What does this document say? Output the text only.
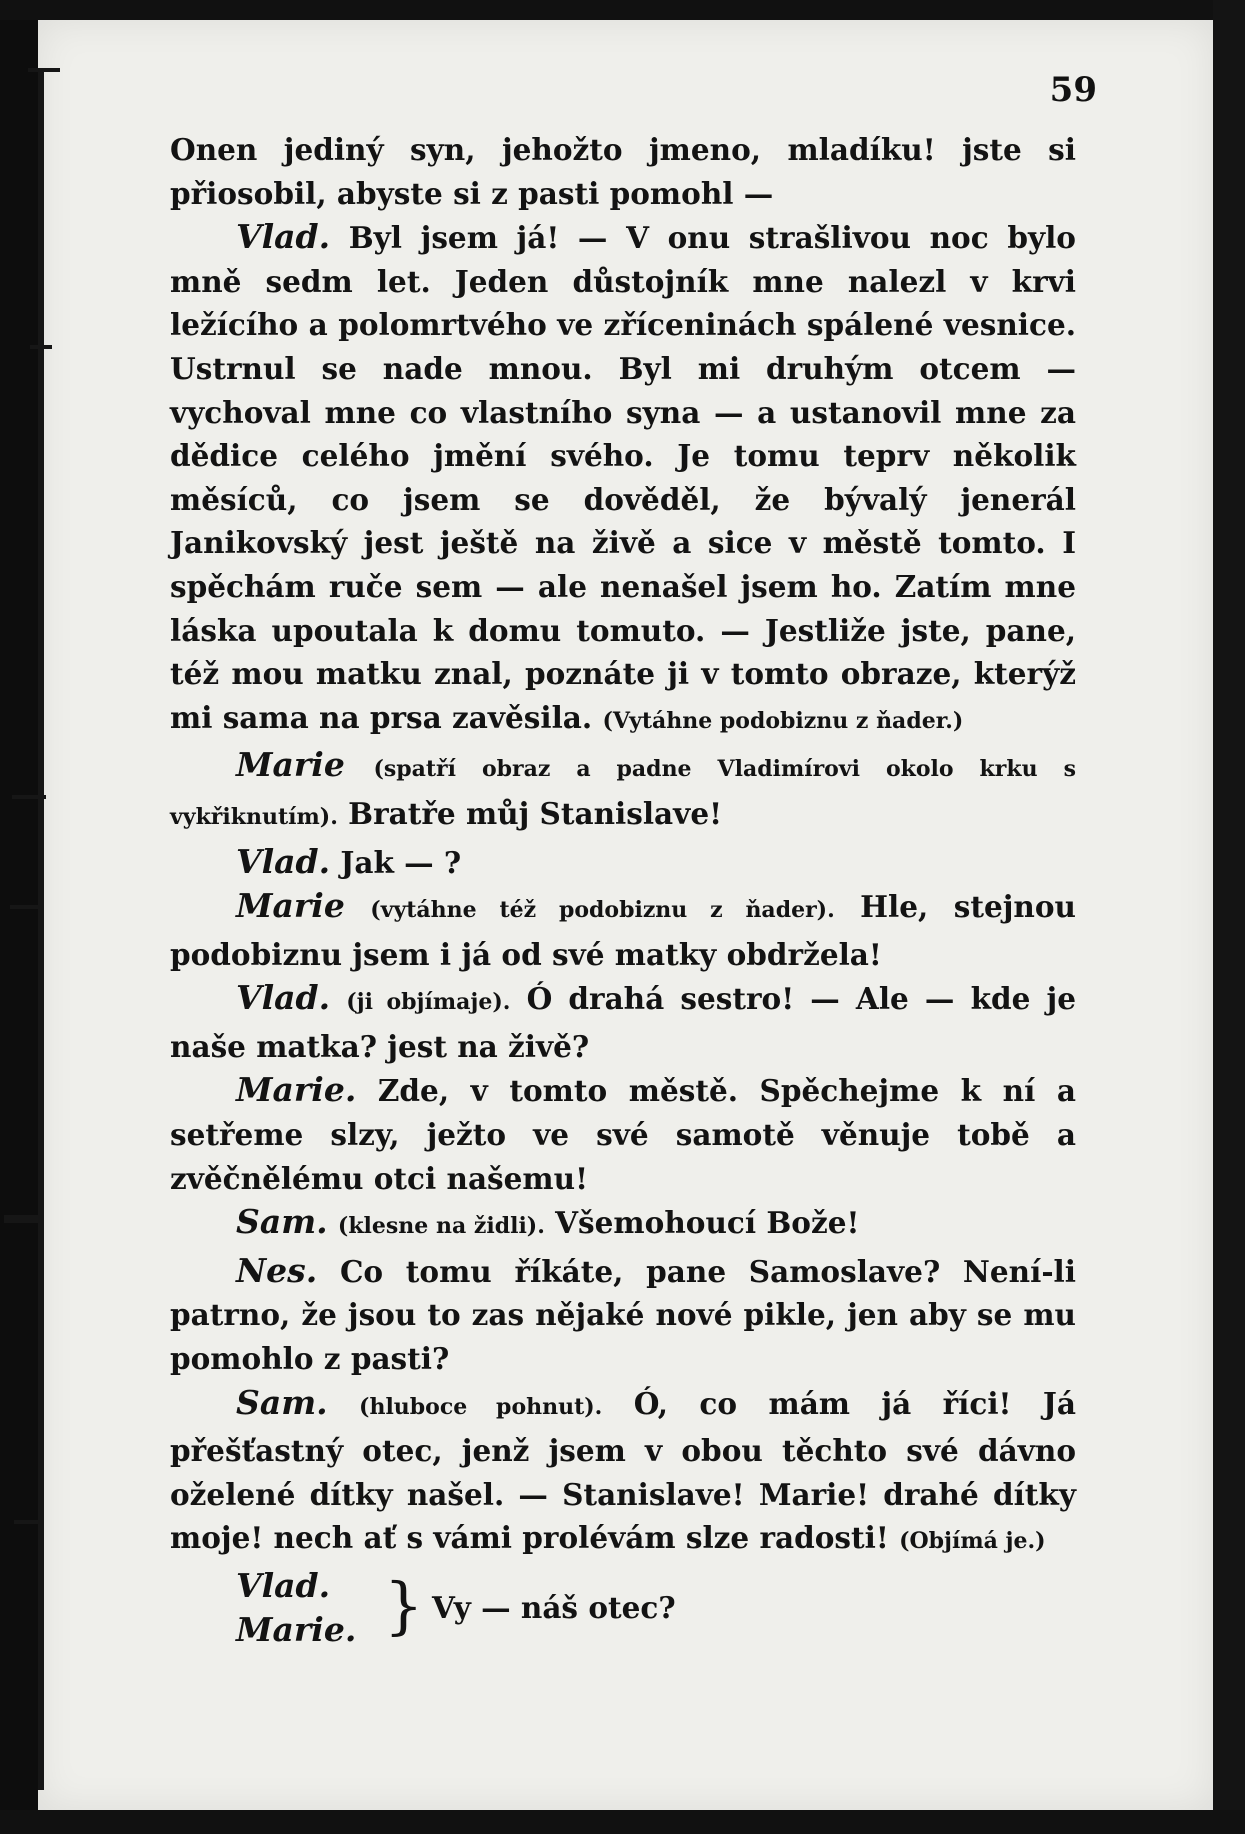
59

Onen jediný syn, jehožto jmeno, mladíku! jste si přiosobil, abyste si z pasti pomohl —

Vlad. Byl jsem já! — V onu strašlivou noc bylo mně sedm let. Jeden důstojník mne nalezl v krvi ležícího a polomrtvého ve zříceninách spálené vesnice. Ustrnul se nade mnou. Byl mi druhým otcem — vychoval mne co vlastního syna — a ustanovil mne za dědice celého jmění svého. Je tomu teprv několik měsíců, co jsem se dověděl, že bývalý jenerál Janikovský jest ještě na živě a sice v městě tomto. I spěchám ruče sem — ale nenašel jsem ho. Zatím mne láska upoutala k domu tomuto. — Jestliže jste, pane, též mou matku znal, poznáte ji v tomto obraze, kterýž mi sama na prsa zavěsila. (Vytáhne podobiznu z ňader.)

Marie (spatří obraz a padne Vladimírovi okolo krku s vykřiknutím). Bratře můj Stanislave!

Vlad. Jak — ?

Marie (vytáhne též podobiznu z ňader). Hle, stejnou podobiznu jsem i já od své matky obdržela!

Vlad. (ji objímaje). Ó drahá sestro! — Ale — kde je naše matka? jest na živě?

Marie. Zde, v tomto městě. Spěchejme k ní a setřeme slzy, ježto ve své samotě věnuje tobě a zvěčnělému otci našemu!

Sam. (klesne na židli). Všemohoucí Bože!

Nes. Co tomu říkáte, pane Samoslave? Není-li patrno, že jsou to zas nějaké nové pikle, jen aby se mu pomohlo z pasti?

Sam. (hluboce pohnut). Ó, co mám já říci! Já přešťastný otec, jenž jsem v obou těchto své dávno oželené dítky našel. — Stanislave! Marie! drahé dítky moje! nech ať s vámi prolévám slze radosti! (Objímá je.)

Vlad.
Marie. } Vy — náš otec?
